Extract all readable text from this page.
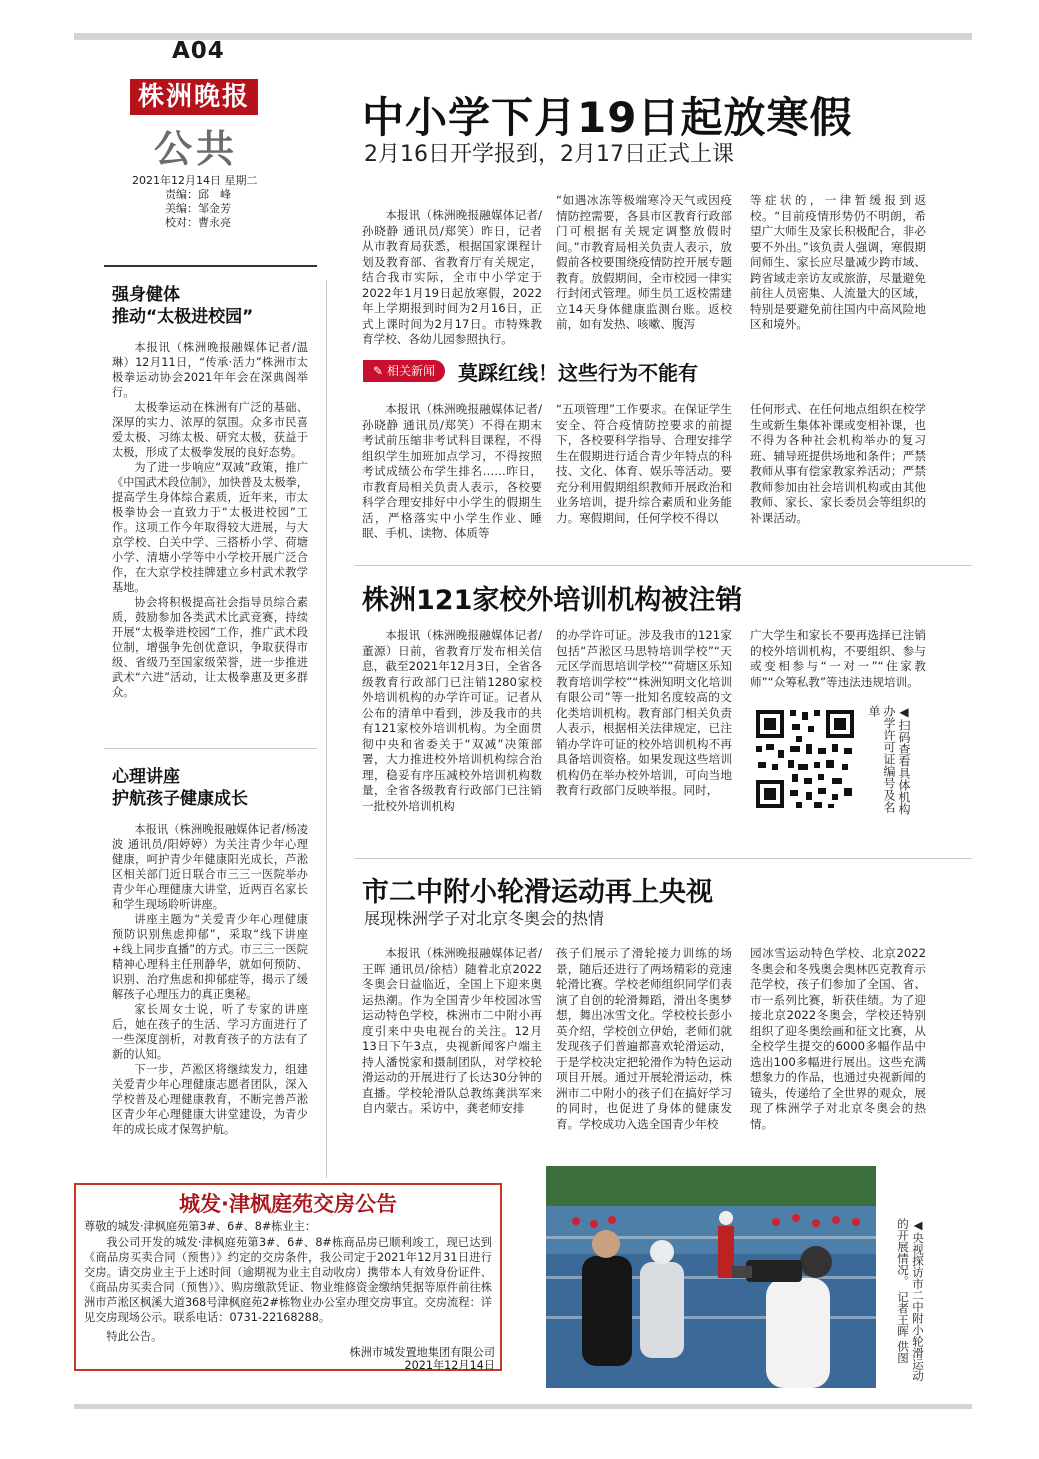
A04
株洲晚报
公共
2021年12月14日 星期二
责编：邱　峰
美编：邹金芳
校对：曹永亮
强身健体
推动“太极进校园”

本报讯（株洲晚报融媒体记者/温琳）12月11日，“传承·活力”株洲市太极拳运动协会2021年年会在深典阁举行。

太极拳运动在株洲有广泛的基础、深厚的实力、浓厚的氛围。众多市民喜爱太极、习练太极、研究太极，获益于太极，形成了太极拳发展的良好态势。

为了进一步响应“双减”政策，推广《中国武术段位制》，加快普及太极拳，提高学生身体综合素质，近年来，市太极拳协会一直致力于“太极进校园”工作。这项工作今年取得较大进展，与大京学校、白关中学、三搭桥小学、荷塘小学、清塘小学等中小学校开展广泛合作，在大京学校挂牌建立乡村武术教学基地。

协会将积极提高社会指导员综合素质，鼓励参加各类武术比武竞赛，持续开展“太极拳进校园”工作，推广武术段位制，增强争先创优意识，争取获得市级、省级乃至国家级荣誉，进一步推进武术“六进”活动，让太极拳惠及更多群众。

心理讲座
护航孩子健康成长

本报讯（株洲晚报融媒体记者/杨凌波 通讯员/阳婷婷）为关注青少年心理健康，呵护青少年健康阳光成长，芦淞区相关部门近日联合市三三一医院举办青少年心理健康大讲堂，近两百名家长和学生现场聆听讲座。

讲座主题为“关爱青少年心理健康 预防识别焦虑抑郁”，采取“线下讲座+线上同步直播”的方式。市三三一医院精神心理科主任刑静华，就如何预防、识别、治疗焦虑和抑郁症等，揭示了缓解孩子心理压力的真正奥秘。

家长周女士说，听了专家的讲座后，她在孩子的生活、学习方面进行了一些深度剖析，对教育孩子的方法有了新的认知。

下一步，芦淞区将继续发力，组建关爱青少年心理健康志愿者团队，深入学校普及心理健康教育，不断完善芦淞区青少年心理健康大讲堂建设，为青少年的成长成才保驾护航。

中小学下月19日起放寒假
2月16日开学报到，2月17日正式上课
本报讯（株洲晚报融媒体记者/孙晓静 通讯员/郑笑）昨日，记者从市教育局获悉，根据国家课程计划及教育部、省教育厅有关规定，结合我市实际，全市中小学定于2022年1月19日起放寒假，2022年上学期报到时间为2月16日，正式上课时间为2月17日。市特殊教育学校、各幼儿园参照执行。
“如遇冰冻等极端寒冷天气或因疫情防控需要，各县市区教育行政部门可根据有关规定调整放假时间。”市教育局相关负责人表示，放假前各校要围绕疫情防控开展专题教育。放假期间，全市校园一律实行封闭式管理。师生员工返校需建立14天身体健康监测台账。返校前，如有发热、咳嗽、腹泻
等症状的，一律暂缓报到返校。“目前疫情形势仍不明朗，希望广大师生及家长积极配合，非必要不外出。”该负责人强调，寒假期间师生、家长应尽量减少跨市域、跨省域走亲访友或旅游，尽量避免前往人员密集、人流量大的区域，特别是要避免前往国内中高风险地区和境外。
✎ 相关新闻	莫踩红线！这些行为不能有
本报讯（株洲晚报融媒体记者/孙晓静 通讯员/郑笑）不得在期末考试前压缩非考试科目课程，不得组织学生加班加点学习，不得按照考试成绩公布学生排名……昨日，市教育局相关负责人表示，各校要科学合理安排好中小学生的假期生活，严格落实中小学生作业、睡眠、手机、读物、体质等
“五项管理”工作要求。在保证学生安全、符合疫情防控要求的前提下，各校要科学指导、合理安排学生在假期进行适合青少年特点的科技、文化、体育、娱乐等活动。要充分利用假期组织教师开展政治和业务培训，提升综合素质和业务能力。寒假期间，任何学校不得以
任何形式、在任何地点组织在校学生或新生集体补课或变相补课，也不得为各种社会机构举办的复习班、辅导班提供场地和条件；严禁教师从事有偿家教家养活动；严禁教师参加由社会培训机构或由其他教师、家长、家长委员会等组织的补课活动。
株洲121家校外培训机构被注销
本报讯（株洲晚报融媒体记者/董源）日前，省教育厅发布相关信息，截至2021年12月3日，全省各级教育行政部门已注销1280家校外培训机构的办学许可证。记者从公布的清单中看到，涉及我市的共有121家校外培训机构。为全面贯彻中央和省委关于“双减”决策部署，大力推进校外培训机构综合治理，稳妥有序压减校外培训机构数量，全省各级教育行政部门已注销一批校外培训机构
的办学许可证。涉及我市的121家包括“芦淞区马思特培训学校”“天元区学而思培训学校”“荷塘区乐知教育培训学校”“株洲知明文化培训有限公司”等一批知名度较高的文化类培训机构。教育部门相关负责人表示，根据相关法律规定，已注销办学许可证的校外培训机构不再具备培训资格。如果发现这些培训机构仍在举办校外培训，可向当地教育行政部门反映举报。同时，
广大学生和家长不要再选择已注销的校外培训机构，不要组织、参与或变相参与“一对一”“住家教师”“众筹私教”等违法违规培训。
◀扫码查看具体机构办学许可证编号及名单
市二中附小轮滑运动再上央视
展现株洲学子对北京冬奥会的热情
本报讯（株洲晚报融媒体记者/王晖 通讯员/徐桔）随着北京2022冬奥会日益临近，全国上下迎来奥运热潮。作为全国青少年校园冰雪运动特色学校，株洲市二中附小再度引来中央电视台的关注。12月13日下午3点，央视新闻客户端主持人潘悦家和摄制团队，对学校轮滑运动的开展进行了长达30分钟的直播。学校轮滑队总教练龚洪军来自内蒙古。采访中，龚老师安排
孩子们展示了滑轮接力训练的场景，随后还进行了两场精彩的竞速轮滑比赛。学校老师组织同学们表演了自创的轮滑舞蹈，滑出冬奥梦想，舞出冰雪文化。学校校长彭小英介绍，学校创立伊始，老师们就发现孩子们普遍都喜欢轮滑运动，于是学校决定把轮滑作为特色运动项目开展。通过开展轮滑运动，株洲市二中附小的孩子们在搞好学习的同时，也促进了身体的健康发育。学校成功入选全国青少年校
园冰雪运动特色学校、北京2022冬奥会和冬残奥会奥林匹克教育示范学校，孩子们参加了全国、省、市一系列比赛，斩获佳绩。为了迎接北京2022冬奥会，学校还特别组织了迎冬奥绘画和征文比赛，从全校学生提交的6000多幅作品中选出100多幅进行展出。这些充满想象力的作品，也通过央视新闻的镜头，传递给了全世界的观众，展现了株洲学子对北京冬奥会的热情。
◀央视探访市二中附小轮滑运动的开展情况。 记者王晖 供图
城发·津枫庭苑交房公告
尊敬的城发·津枫庭苑第3#、6#、8#栋业主：
我公司开发的城发·津枫庭苑第3#、6#、8#栋商品房已顺利竣工，现已达到《商品房买卖合同（预售）》约定的交房条件，我公司定于2021年12月31日进行交房。请交房业主于上述时间（逾期视为业主自动收房）携带本人有效身份证件、《商品房买卖合同（预售）》、购房缴款凭证、物业维修资金缴纳凭据等原件前往株洲市芦淞区枫溪大道368号津枫庭苑2#栋物业办公室办理交房事宜。交房流程：详见交房现场公示。联系电话：0731-22168288。
特此公告。
株洲市城发置地集团有限公司
2021年12月14日
